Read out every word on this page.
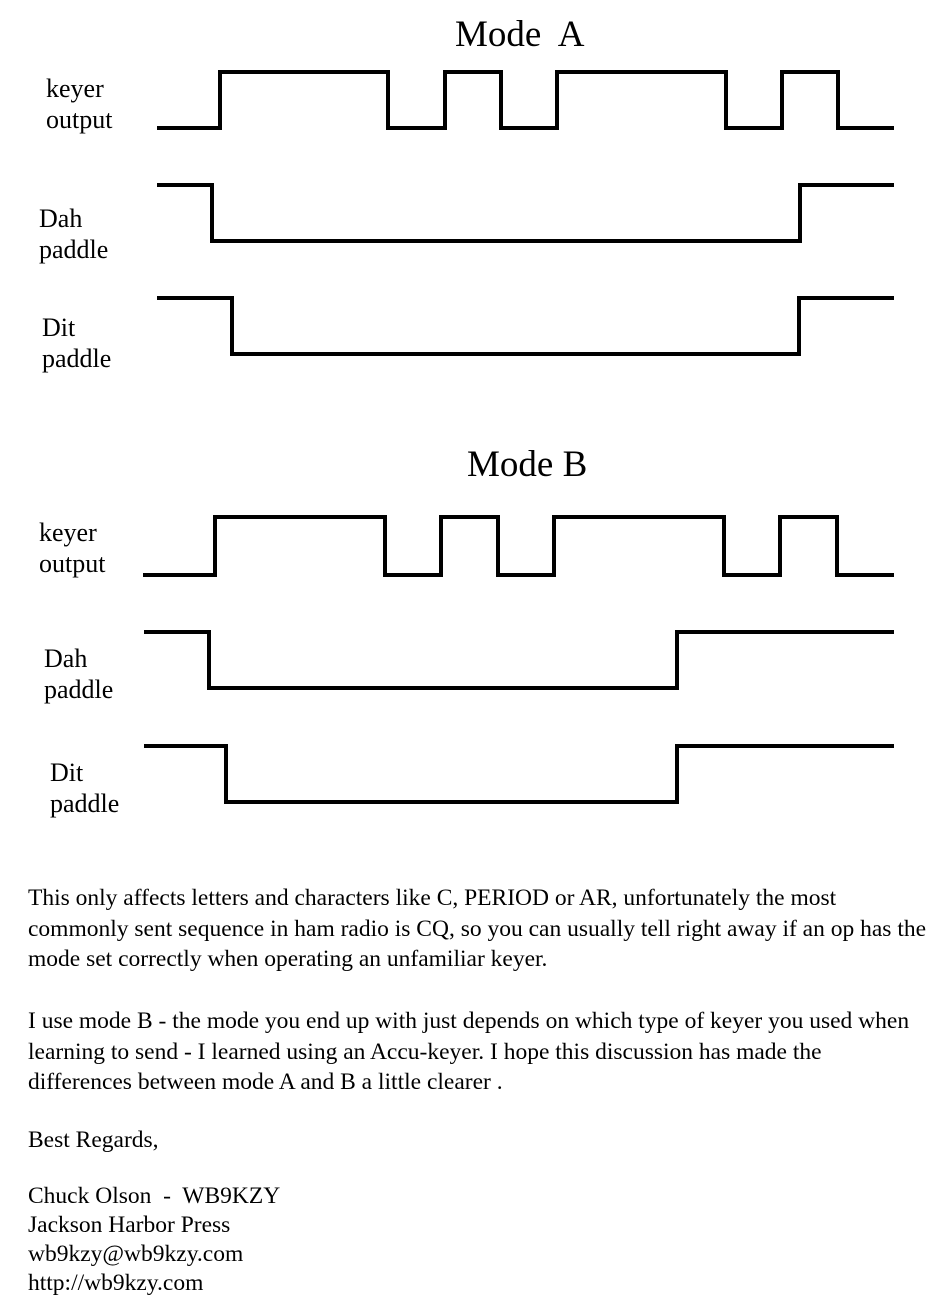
Mode  A
keyer
output
Dah
paddle
Dit
paddle
Mode B
keyer
output
Dah
paddle
Dit
paddle

This only affects letters and characters like C, PERIOD or AR, unfortunately the most commonly sent sequence in ham radio is CQ, so you can usually tell right away if an op has the mode set correctly when operating an unfamiliar keyer.

I use mode B - the mode you end up with just depends on which type of keyer you used when learning to send - I learned using an Accu-keyer. I hope this discussion has made the differences between mode A and B a little clearer .

Best Regards,

Chuck Olson  -  WB9KZY
Jackson Harbor Press
wb9kzy@wb9kzy.com
http://wb9kzy.com
